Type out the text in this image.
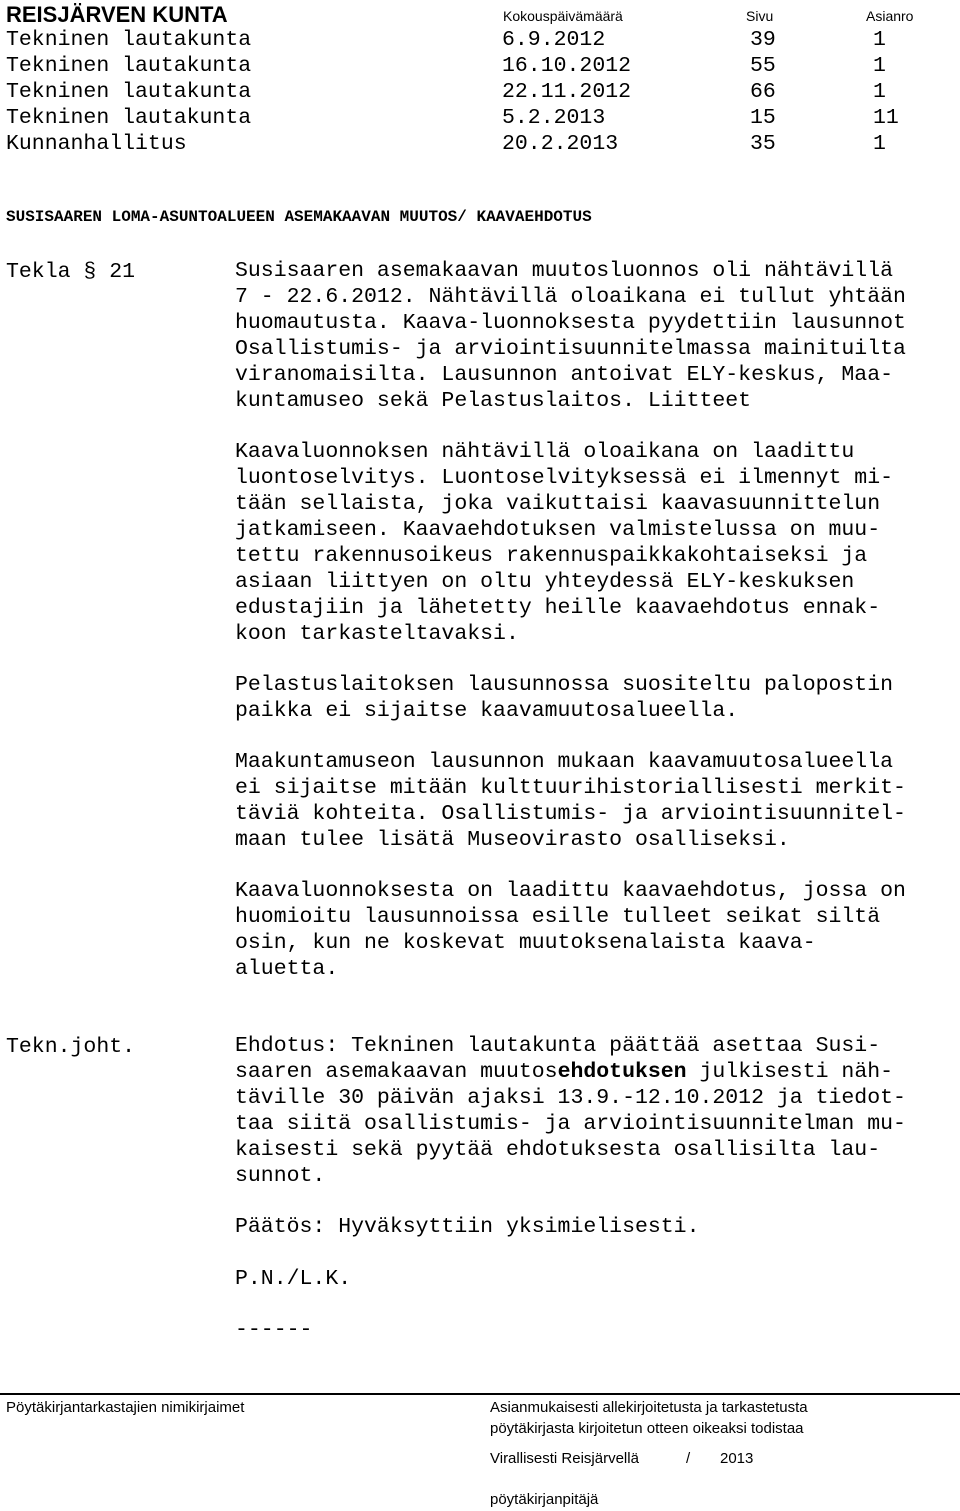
REISJÄRVEN KUNTA	Kokouspäivämäärä	Sivu	Asianro
Tekninen lautakunta	6.9.2012	39	1
Tekninen lautakunta	16.10.2012	55	1
Tekninen lautakunta	22.11.2012	66	1
Tekninen lautakunta	5.2.2013	15	11
Kunnanhallitus	20.2.2013	35	1
SUSISAAREN LOMA-ASUNTOALUEEN ASEMAKAAVAN MUUTOS/ KAAVAEHDOTUS
Tekla § 21	Susisaaren asemakaavan muutosluonnos oli nähtävillä
7 - 22.6.2012. Nähtävillä oloaikana ei tullut yhtään
huomautusta. Kaava-luonnoksesta pyydettiin lausunnot
Osallistumis- ja arviointisuunnitelmassa mainituilta
viranomaisilta. Lausunnon antoivat ELY-keskus, Maa-
kuntamuseo sekä Pelastuslaitos. Liitteet
Kaavaluonnoksen nähtävillä oloaikana on laadittu
luontoselvitys. Luontoselvityksessä ei ilmennyt mi-
tään sellaista, joka vaikuttaisi kaavasuunnittelun
jatkamiseen. Kaavaehdotuksen valmistelussa on muu-
tettu rakennusoikeus rakennuspaikkakohtaiseksi ja
asiaan liittyen on oltu yhteydessä ELY-keskuksen
edustajiin ja lähetetty heille kaavaehdotus ennak-
koon tarkasteltavaksi.
Pelastuslaitoksen lausunnossa suositeltu palopostin
paikka ei sijaitse kaavamuutosalueella.
Maakuntamuseon lausunnon mukaan kaavamuutosalueella
ei sijaitse mitään kulttuurihistoriallisesti merkit-
täviä kohteita. Osallistumis- ja arviointisuunnitel-
maan tulee lisätä Museovirasto osalliseksi.
Kaavaluonnoksesta on laadittu kaavaehdotus, jossa on
huomioitu lausunnoissa esille tulleet seikat siltä
osin, kun ne koskevat muutoksenalaista kaava-
aluetta.
Tekn.joht.	Ehdotus: Tekninen lautakunta päättää asettaa Susi-
saaren asemakaavan muutosehdotuksen julkisesti näh-
täville 30 päivän ajaksi 13.9.-12.10.2012 ja tiedot-
taa siitä osallistumis- ja arviointisuunnitelman mu-
kaisesti sekä pyytää ehdotuksesta osallisilta lau-
sunnot.
Päätös: Hyväksyttiin yksimielisesti.
P.N./L.K.
------
Pöytäkirjantarkastajien nimikirjaimet	Asianmukaisesti allekirjoitetusta ja tarkastetusta
pöytäkirjasta kirjoitetun otteen oikeaksi todistaa
Virallisesti Reisjärvellä	/ 2013
pöytäkirjanpitäjä
